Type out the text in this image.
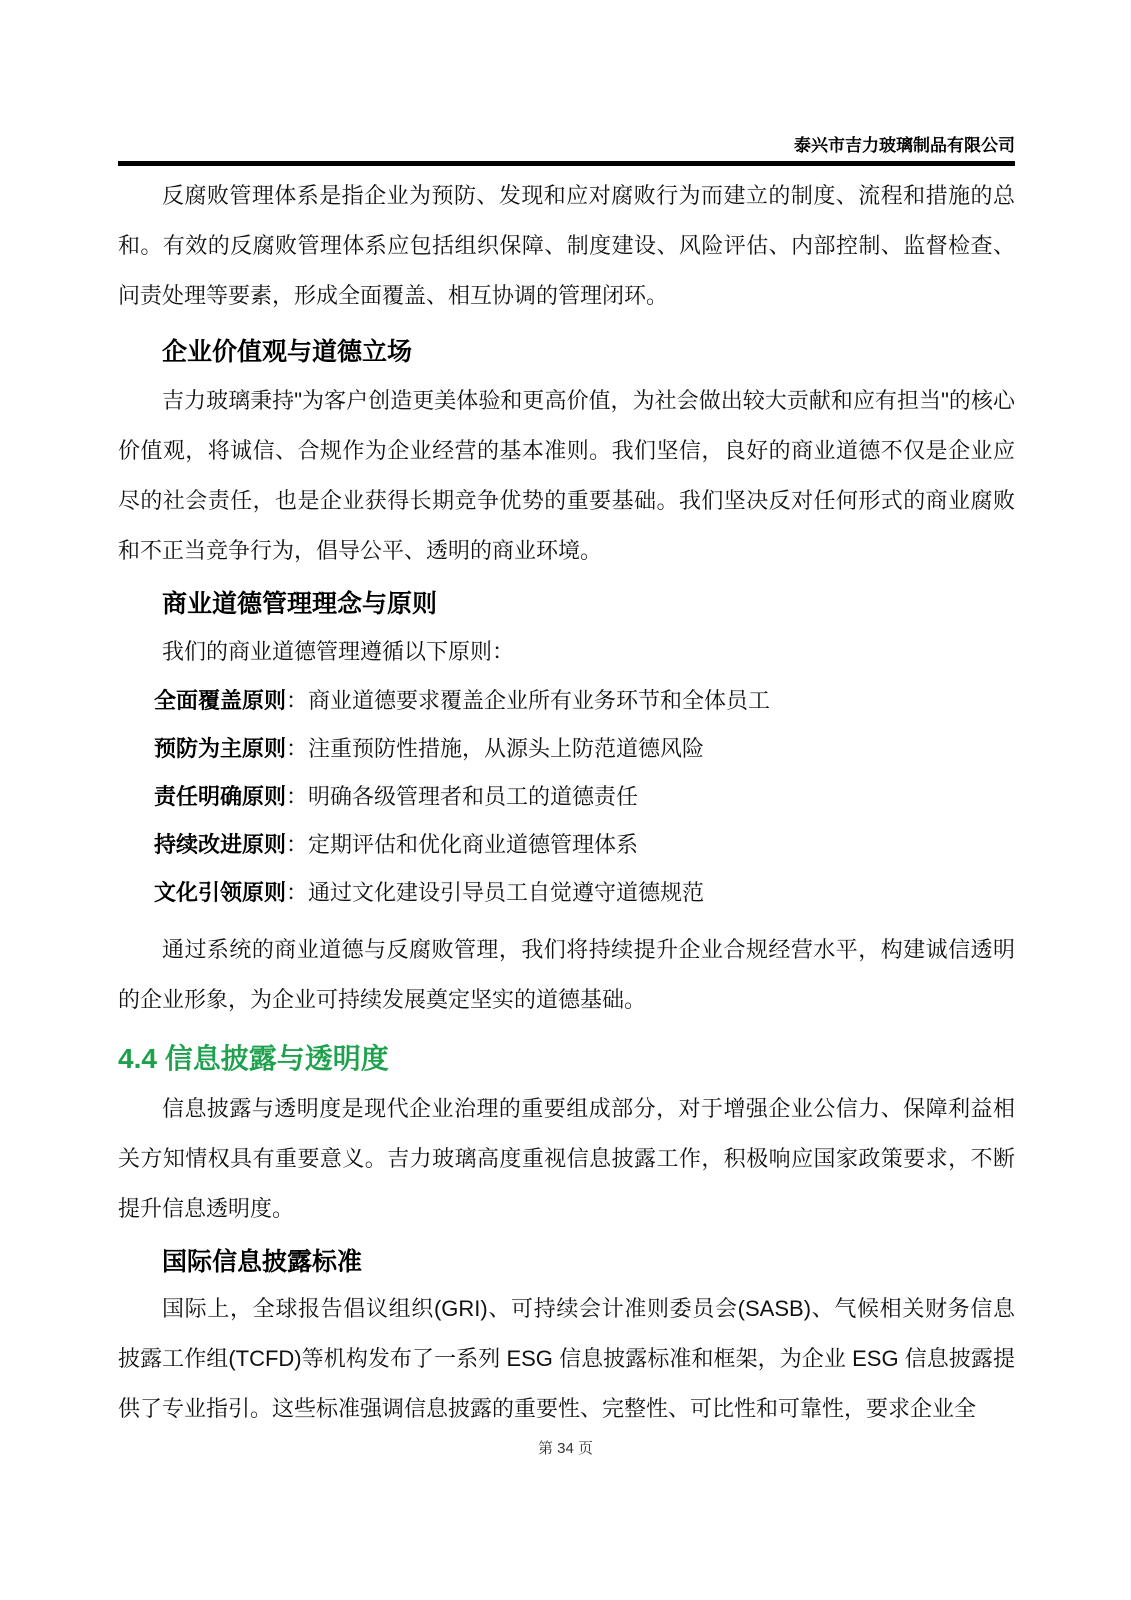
泰兴市吉力玻璃制品有限公司

反腐败管理体系是指企业为预防、发现和应对腐败行为而建立的制度、流程和措施的总和。有效的反腐败管理体系应包括组织保障、制度建设、风险评估、内部控制、监督检查、问责处理等要素，形成全面覆盖、相互协调的管理闭环。

企业价值观与道德立场

吉力玻璃秉持"为客户创造更美体验和更高价值，为社会做出较大贡献和应有担当"的核心价值观，将诚信、合规作为企业经营的基本准则。我们坚信，良好的商业道德不仅是企业应尽的社会责任，也是企业获得长期竞争优势的重要基础。我们坚决反对任何形式的商业腐败和不正当竞争行为，倡导公平、透明的商业环境。

商业道德管理理念与原则

我们的商业道德管理遵循以下原则：

全面覆盖原则：商业道德要求覆盖企业所有业务环节和全体员工
预防为主原则：注重预防性措施，从源头上防范道德风险
责任明确原则：明确各级管理者和员工的道德责任
持续改进原则：定期评估和优化商业道德管理体系
文化引领原则：通过文化建设引导员工自觉遵守道德规范

通过系统的商业道德与反腐败管理，我们将持续提升企业合规经营水平，构建诚信透明的企业形象，为企业可持续发展奠定坚实的道德基础。

4.4 信息披露与透明度

信息披露与透明度是现代企业治理的重要组成部分，对于增强企业公信力、保障利益相关方知情权具有重要意义。吉力玻璃高度重视信息披露工作，积极响应国家政策要求，不断提升信息透明度。

国际信息披露标准

国际上，全球报告倡议组织(GRI)、可持续会计准则委员会(SASB)、气候相关财务信息披露工作组(TCFD)等机构发布了一系列 ESG 信息披露标准和框架，为企业 ESG 信息披露提供了专业指引。这些标准强调信息披露的重要性、完整性、可比性和可靠性，要求企业全

第 34 页
